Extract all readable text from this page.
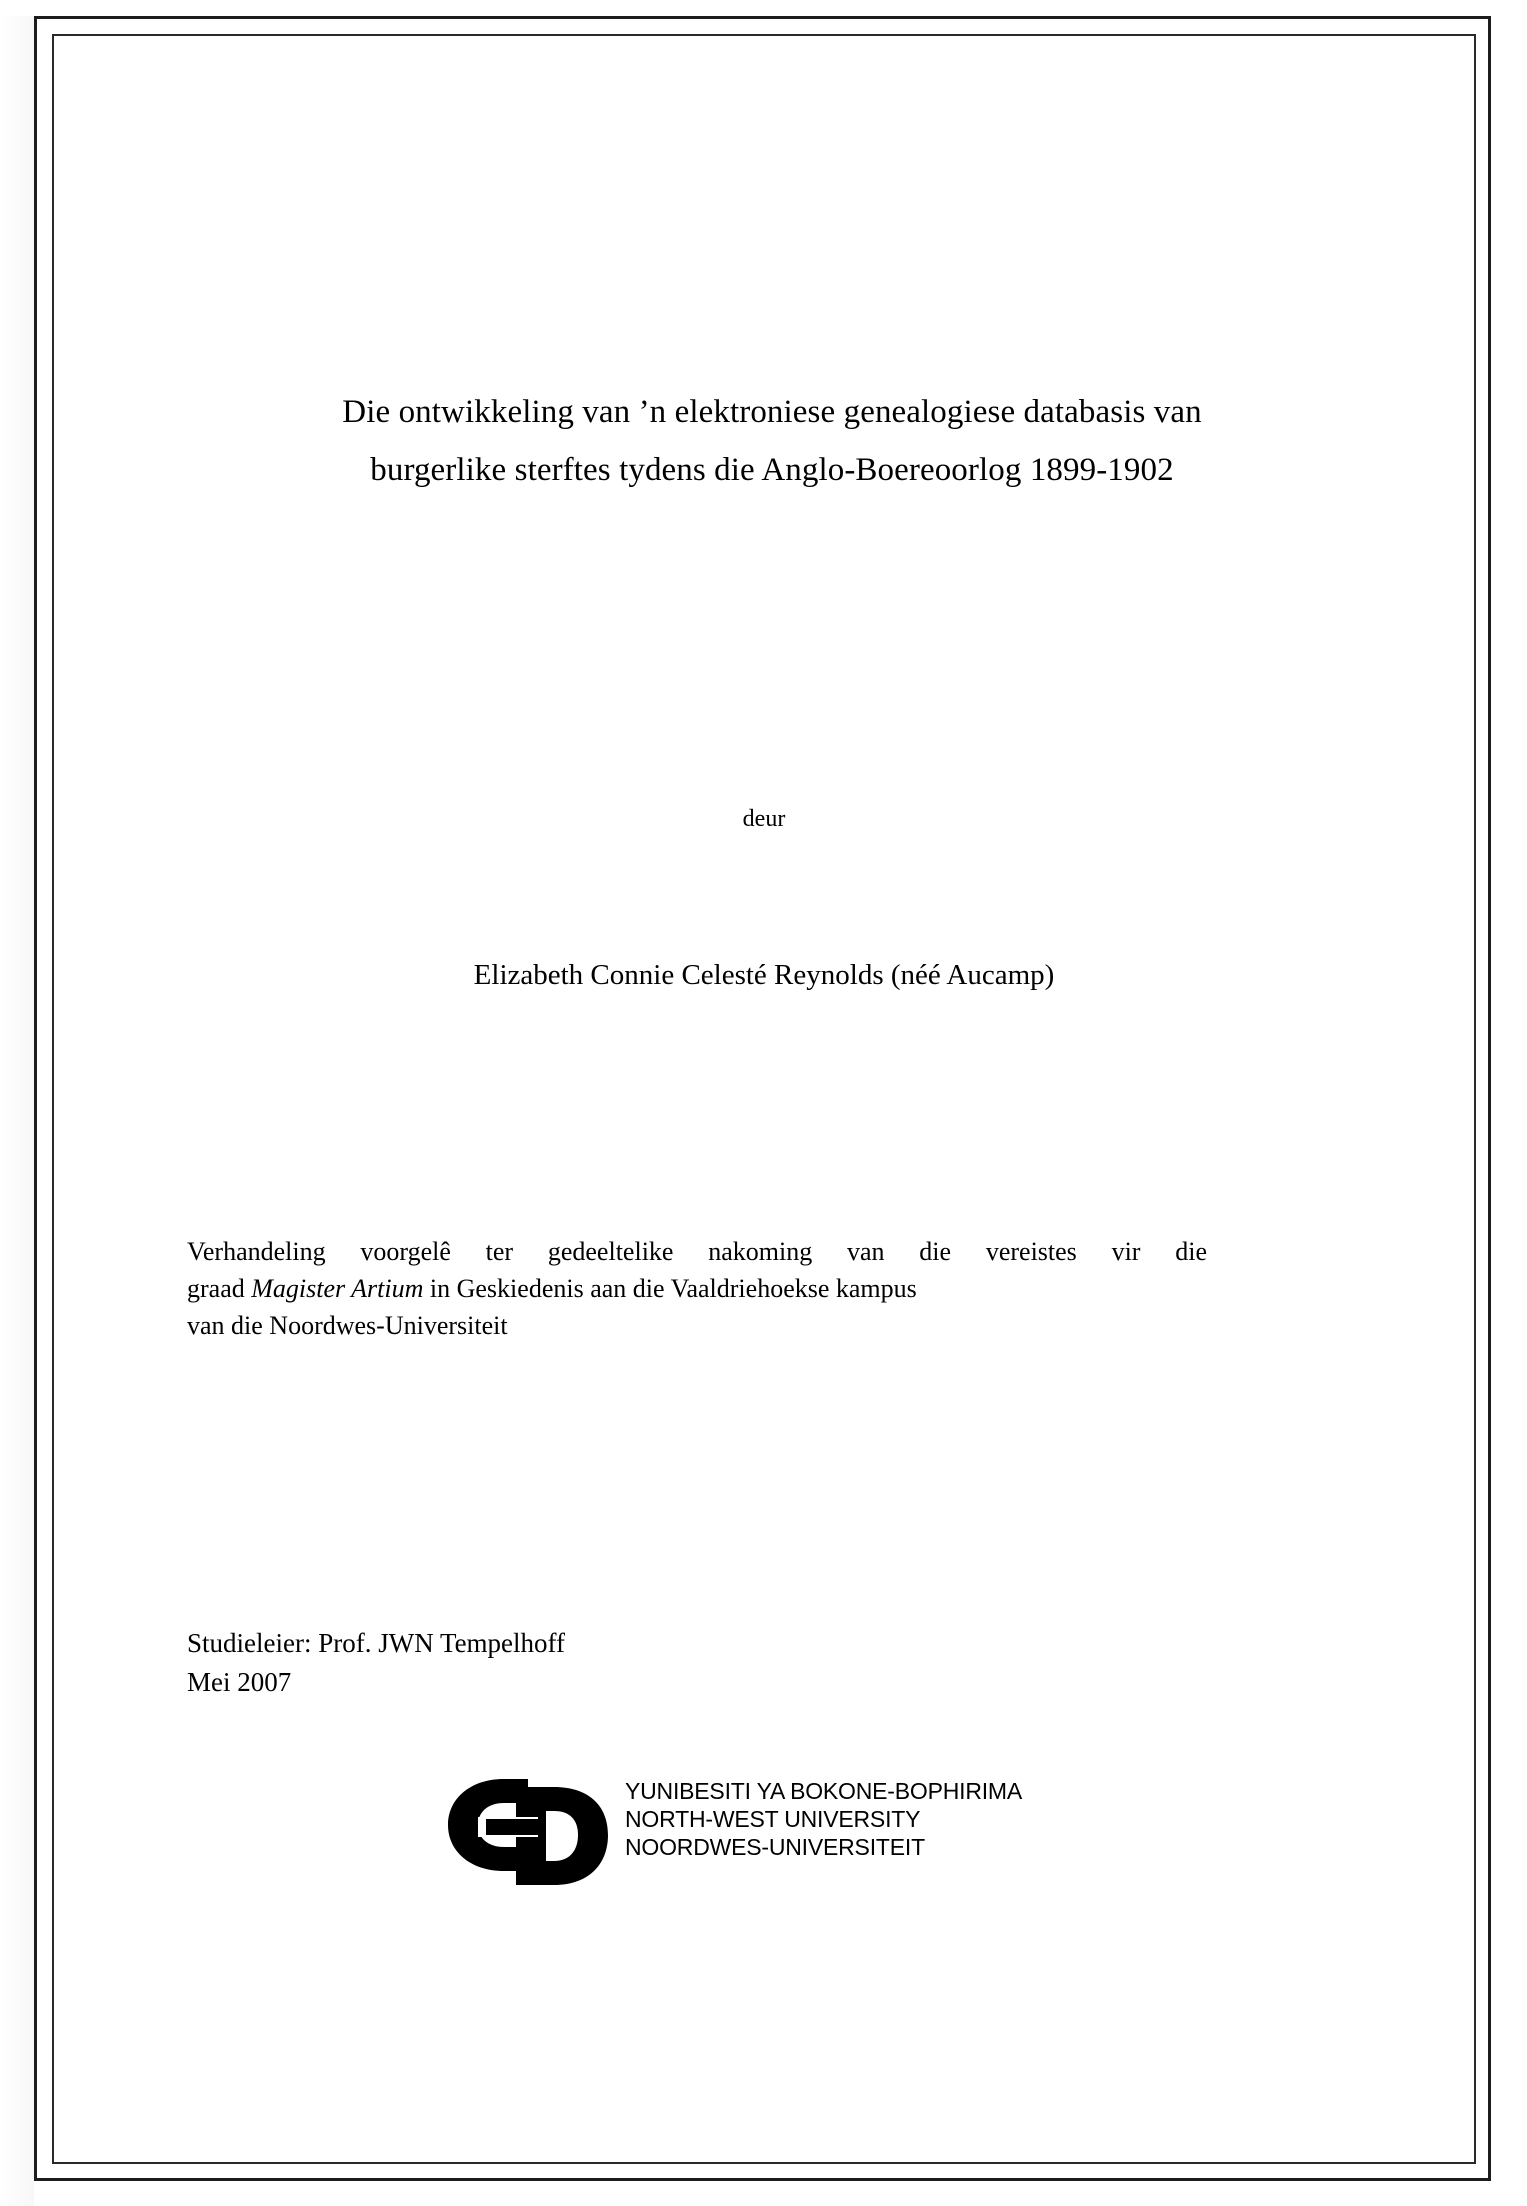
Die ontwikkeling van ’n elektroniese genealogiese databasis van
burgerlike sterftes tydens die Anglo-Boereoorlog 1899-1902
deur
Elizabeth Connie Celesté Reynolds (néé Aucamp)

Verhandeling voorgelê ter gedeeltelike nakoming van die vereistes vir die

graad Magister Artium in Geskiedenis aan die Vaaldriehoekse kampus

van die Noordwes-Universiteit

Studieleier: Prof. JWN Tempelhoff

Mei 2007

YUNIBESITI YA BOKONE-BOPHIRIMA
NORTH-WEST UNIVERSITY
NOORDWES-UNIVERSITEIT
